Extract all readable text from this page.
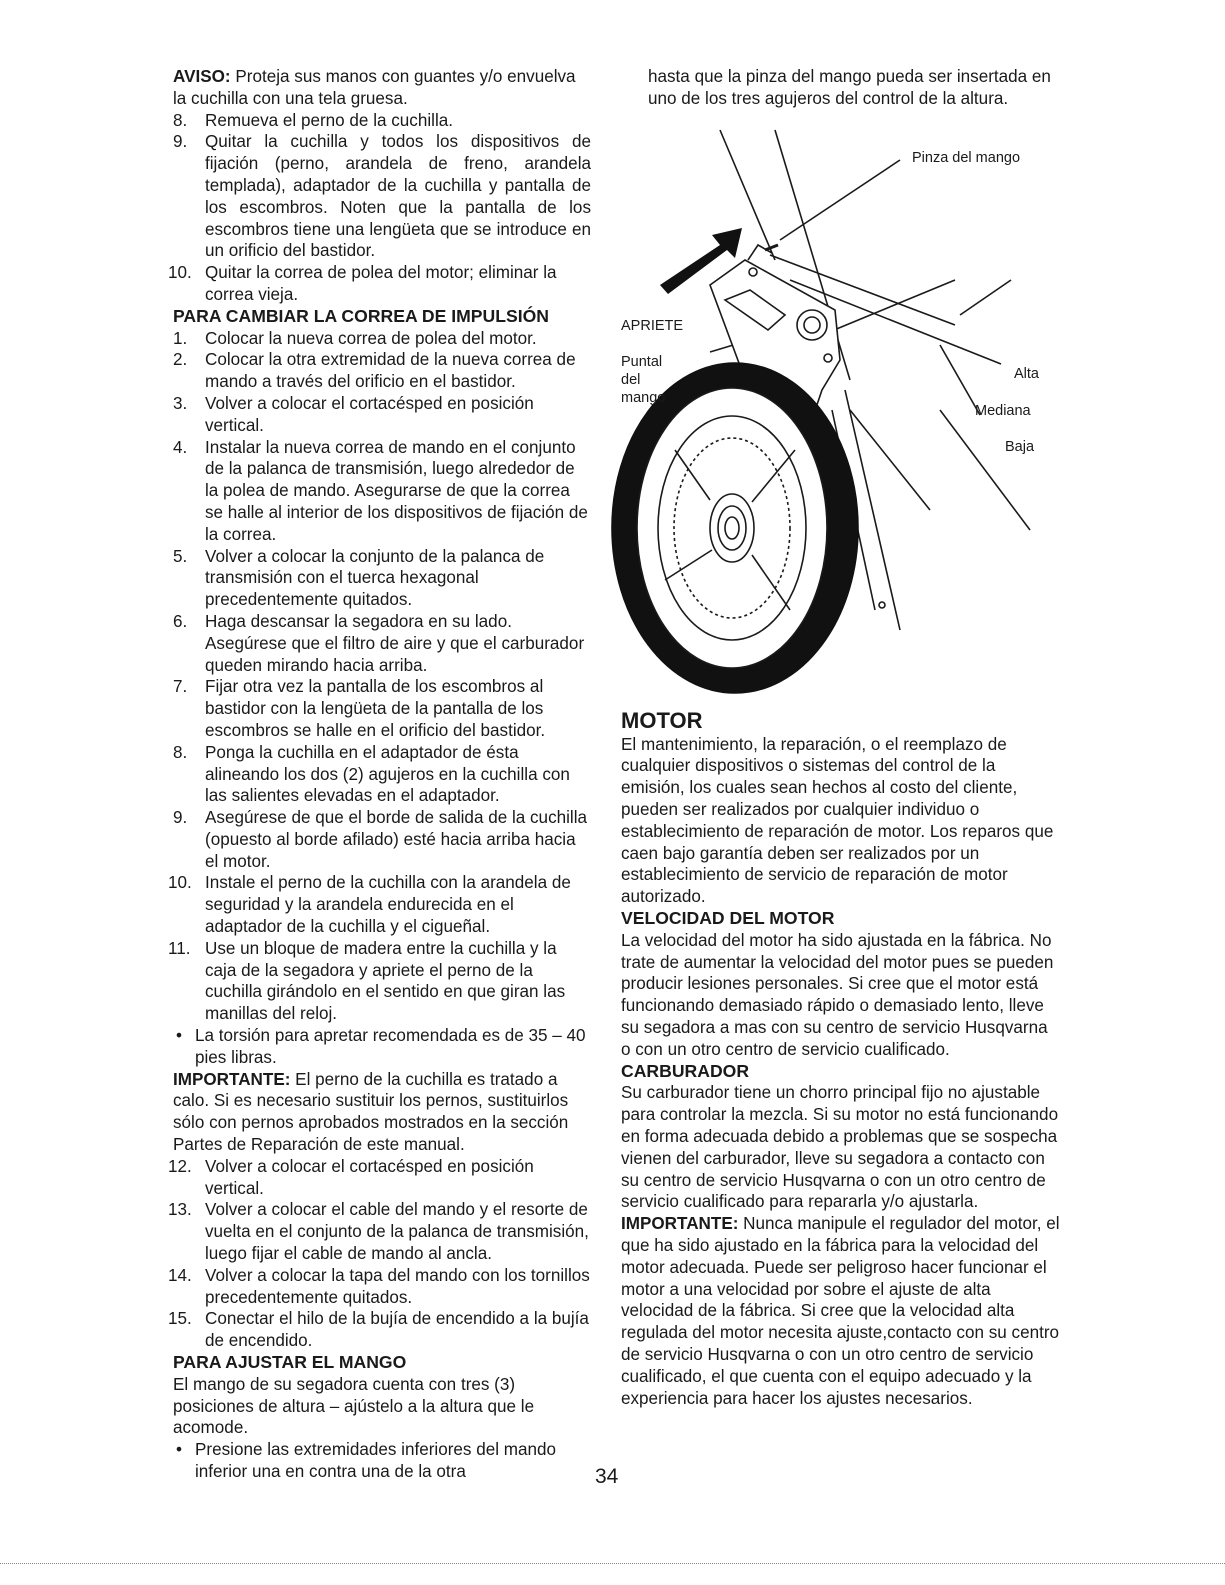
AVISO: Proteja sus manos con guantes y/o envuelva la cuchilla con una tela gruesa.

8. Remueva el perno de la cuchilla.
9. Quitar la cuchilla y todos los dispositivos de fijación (perno, arandela de freno, arandela templada), adaptador de la cuchilla y pantalla de los escombros. Noten que la pantalla de los escombros tiene una lengüeta que se introduce en un orificio del bastidor.
10. Quitar la correa de polea del motor; eliminar la correa vieja.
PARA CAMBIAR LA CORREA DE IMPULSIÓN
1. Colocar la nueva correa de polea del motor.
2. Colocar la otra extremidad de la nueva correa de mando a través del orificio en el bastidor.
3. Volver a colocar el cortacésped en posición vertical.
4. Instalar la nueva correa de mando en el conjunto de la palanca de transmisión, luego alrededor de la polea de mando. Asegurarse de que la correa se halle al interior de los dispositivos de fijación de la correa.
5. Volver a colocar la conjunto de la palanca de transmisión con el tuerca hexagonal precedentemente quitados.
6. Haga descansar la segadora en su lado. Asegúrese que el filtro de aire y que el carburador queden mirando hacia arriba.
7. Fijar otra vez la pantalla de los escombros al bastidor con la lengüeta de la pantalla de los escombros se halle en el orificio del bastidor.
8. Ponga la cuchilla en el adaptador de ésta alineando los dos (2) agujeros en la cuchilla con las salientes elevadas en el adaptador.
9. Asegúrese de que el borde de salida de la cuchilla (opuesto al borde afilado) esté hacia arriba hacia el motor.
10. Instale el perno de la cuchilla con la arandela de seguridad y la arandela endurecida en el adaptador de la cuchilla y el cigueñal.
11. Use un bloque de madera entre la cuchilla y la caja de la segadora y apriete el perno de la cuchilla girándolo en el sentido en que giran las manillas del reloj.
• La torsión para apretar recomendada es de 35 – 40 pies libras.

IMPORTANTE: El perno de la cuchilla es tratado a calo. Si es necesario sustituir los pernos, sustituirlos sólo con pernos aprobados mostrados en la sección Partes de Reparación de este manual.

12. Volver a colocar el cortacésped en posición vertical.
13. Volver a colocar el cable del mando y el resorte de vuelta en el conjunto de la palanca de transmisión, luego fijar el cable de mando al ancla.
14. Volver a colocar la tapa del mando con los tornillos precedentemente quitados.
15. Conectar el hilo de la bujía de encendido a la bujía de encendido.
PARA AJUSTAR EL MANGO

El mango de su segadora cuenta con tres (3) posiciones de altura – ajústelo a la altura que le acomode.

• Presione las extremidades inferiores del mando inferior una en contra una de la otra

hasta que la pinza del mango pueda ser insertada en uno de los tres agujeros del control de la altura.

Pinza del mango
APRIETE
Puntal
del
mango
Alta
Mediana
Baja
MOTOR

El mantenimiento, la reparación, o el reemplazo de cualquier dispositivos o sistemas del control de la emisión, los cuales sean hechos al costo del cliente, pueden ser realizados por cualquier individuo o establecimiento de reparación de motor. Los reparos que caen bajo garantía deben ser realizados por un establecimiento de servicio de reparación de motor autorizado.

VELOCIDAD DEL MOTOR

La velocidad del motor ha sido ajustada en la fábrica. No trate de aumentar la velocidad del motor pues se pueden producir lesiones personales. Si cree que el motor está funcionando demasiado rápido o demasiado lento, lleve su segadora a mas con su centro de servicio Husqvarna o con un otro centro de servicio cualificado.

CARBURADOR

Su carburador tiene un chorro principal fijo no ajustable para controlar la mezcla. Si su motor no está funcionando en forma adecuada debido a problemas que se sospecha vienen del carburador, lleve su segadora a contacto con su centro de servicio Husqvarna o con un otro centro de servicio cualificado para repararla y/o ajustarla.

IMPORTANTE: Nunca manipule el regulador del motor, el que ha sido ajustado en la fábrica para la velocidad del motor adecuada. Puede ser peligroso hacer funcionar el motor a una velocidad por sobre el ajuste de alta velocidad de la fábrica. Si cree que la velocidad alta regulada del motor necesita ajuste,contacto con su centro de servicio Husqvarna o con un otro centro de servicio cualificado, el que cuenta con el equipo adecuado y la experiencia para hacer los ajustes necesarios.

34
